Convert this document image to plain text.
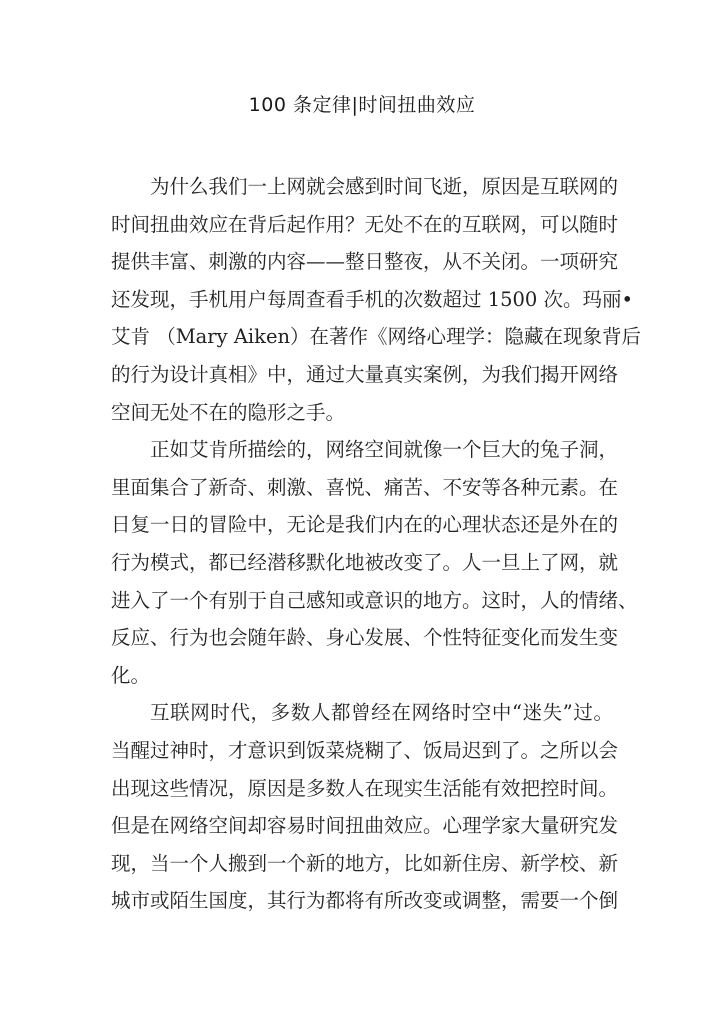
100 条定律|时间扭曲效应
为什么我们一上网就会感到时间飞逝，原因是互联网的
时间扭曲效应在背后起作用？无处不在的互联网，可以随时
提供丰富、刺激的内容——整日整夜，从不关闭。一项研究
还发现，手机用户每周查看手机的次数超过 1500 次。玛丽•
艾肯 （Mary Aiken）在著作《网络心理学：隐藏在现象背后
的行为设计真相》中，通过大量真实案例，为我们揭开网络
空间无处不在的隐形之手。
正如艾肯所描绘的，网络空间就像一个巨大的兔子洞，
里面集合了新奇、刺激、喜悦、痛苦、不安等各种元素。在
日复一日的冒险中，无论是我们内在的心理状态还是外在的
行为模式，都已经潜移默化地被改变了。人一旦上了网，就
进入了一个有别于自己感知或意识的地方。这时，人的情绪、
反应、行为也会随年龄、身心发展、个性特征变化而发生变
化。
互联网时代，多数人都曾经在网络时空中“迷失”过。
当醒过神时，才意识到饭菜烧糊了、饭局迟到了。之所以会
出现这些情况，原因是多数人在现实生活能有效把控时间。
但是在网络空间却容易时间扭曲效应。心理学家大量研究发
现，当一个人搬到一个新的地方，比如新住房、新学校、新
城市或陌生国度，其行为都将有所改变或调整，需要一个倒
